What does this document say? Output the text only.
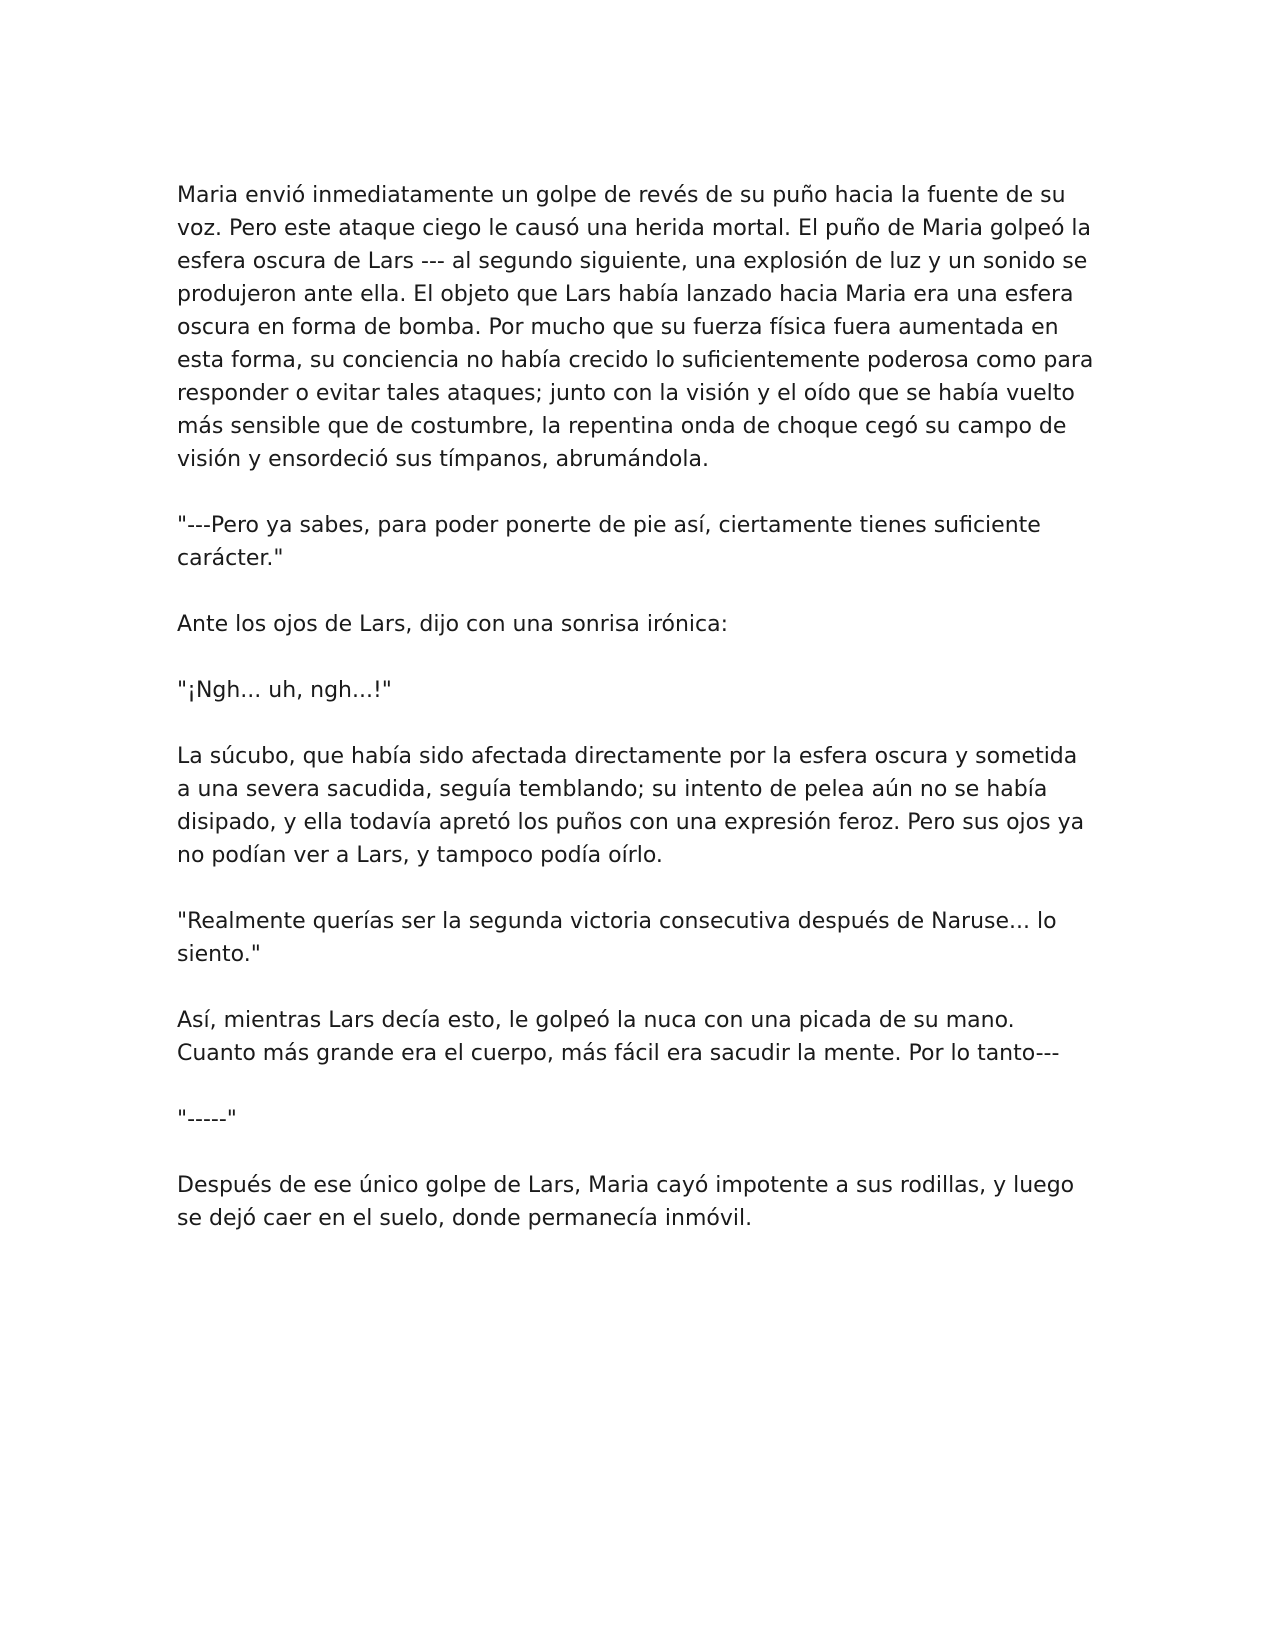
Maria envió inmediatamente un golpe de revés de su puño hacia la fuente de su voz. Pero este ataque ciego le causó una herida mortal. El puño de Maria golpeó la esfera oscura de Lars --- al segundo siguiente, una explosión de luz y un sonido se produjeron ante ella. El objeto que Lars había lanzado hacia Maria era una esfera oscura en forma de bomba. Por mucho que su fuerza física fuera aumentada en esta forma, su conciencia no había crecido lo suficientemente poderosa como para responder o evitar tales ataques; junto con la visión y el oído que se había vuelto más sensible que de costumbre, la repentina onda de choque cegó su campo de visión y ensordeció sus tímpanos, abrumándola.

"---Pero ya sabes, para poder ponerte de pie así, ciertamente tienes suficiente carácter."

Ante los ojos de Lars, dijo con una sonrisa irónica:

"¡Ngh... uh, ngh...!"

La súcubo, que había sido afectada directamente por la esfera oscura y sometida a una severa sacudida, seguía temblando; su intento de pelea aún no se había disipado, y ella todavía apretó los puños con una expresión feroz. Pero sus ojos ya no podían ver a Lars, y tampoco podía oírlo.

"Realmente querías ser la segunda victoria consecutiva después de Naruse... lo siento."

Así, mientras Lars decía esto, le golpeó la nuca con una picada de su mano. Cuanto más grande era el cuerpo, más fácil era sacudir la mente. Por lo tanto---

"-----"

Después de ese único golpe de Lars, Maria cayó impotente a sus rodillas, y luego se dejó caer en el suelo, donde permanecía inmóvil.
